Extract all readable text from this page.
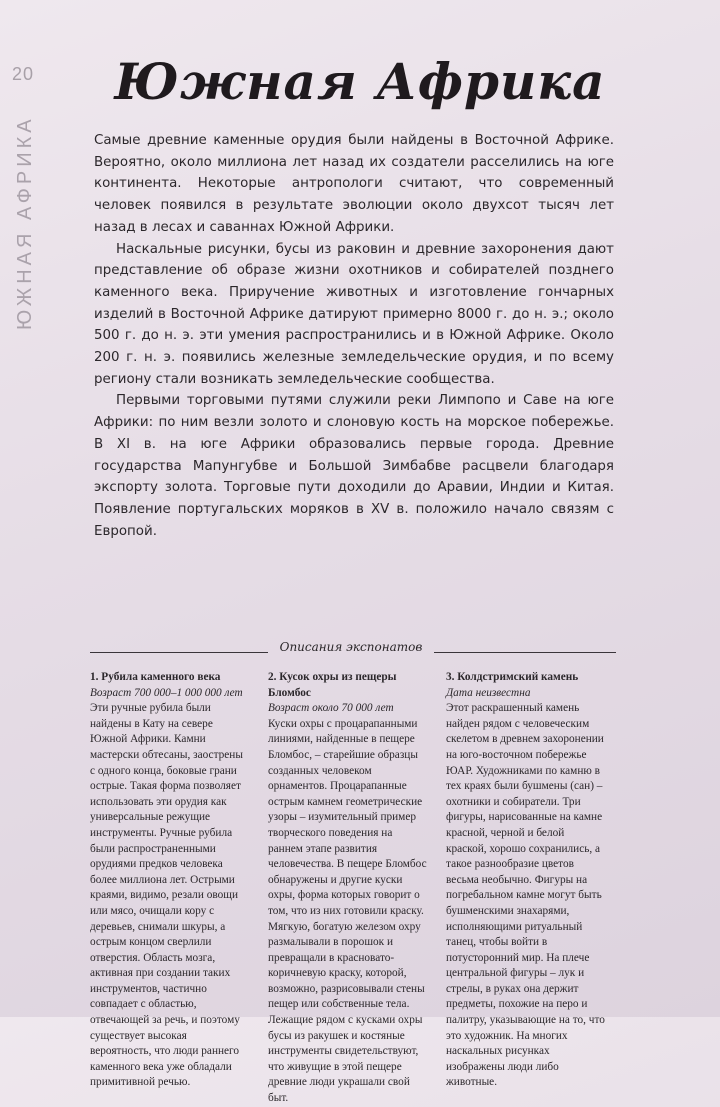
20
ЮЖНАЯ АФРИКА
Южная Африка

Самые древние каменные орудия были найдены в Восточной Африке. Вероятно, около миллиона лет назад их создатели расселились на юге континента. Некоторые антропологи считают, что современный человек появился в результате эволюции около двухсот тысяч лет назад в лесах и саваннах Южной Африки.

Наскальные рисунки, бусы из раковин и древние захоронения дают представление об образе жизни охотников и собирателей позднего каменного века. Приручение животных и изготовление гончарных изделий в Восточной Африке датируют примерно 8000 г. до н. э.; около 500 г. до н. э. эти умения распространились и в Южной Африке. Около 200 г. н. э. появились железные земледельческие орудия, и по всему региону стали возникать земледельческие сообщества.

Первыми торговыми путями служили реки Лимпопо и Саве на юге Африки: по ним везли золото и слоновую кость на морское побережье. В XI в. на юге Африки образовались первые города. Древние государства Мапунгубве и Большой Зимбабве расцвели благодаря экспорту золота. Торговые пути доходили до Аравии, Индии и Китая. Появление португальских моряков в XV в. положило начало связям с Европой.

Описания экспонатов
1. Рубила каменного века
Возраст 700 000–1 000 000 лет
Эти ручные рубила были найдены в Кату на севере Южной Африки. Камни мастерски обтесаны, заострены с одного конца, боковые грани острые. Такая форма позволяет использовать эти орудия как универсальные режущие инструменты. Ручные рубила были распространенными орудиями предков человека более миллиона лет. Острыми краями, видимо, резали овощи или мясо, очищали кору с деревьев, снимали шкуры, а острым концом сверлили отверстия. Область мозга, активная при создании таких инструментов, частично совпадает с областью, отвечающей за речь, и поэтому существует высокая вероятность, что люди раннего каменного века уже обладали примитивной речью.
2. Кусок охры из пещеры Бломбос
Возраст около 70 000 лет
Куски охры с процарапанными линиями, найденные в пещере Бломбос, – старейшие образцы созданных человеком орнаментов. Процарапанные острым камнем геометрические узоры – изумительный пример творческого поведения на раннем этапе развития человечества. В пещере Бломбос обнаружены и другие куски охры, форма которых говорит о том, что из них готовили краску. Мягкую, богатую железом охру размалывали в порошок и превращали в красновато-коричневую краску, которой, возможно, разрисовывали стены пещер или собственные тела. Лежащие рядом с кусками охры бусы из ракушек и костяные инструменты свидетельствуют, что живущие в этой пещере древние люди украшали свой быт.
3. Колдстримский камень
Дата неизвестна
Этот раскрашенный камень найден рядом с человеческим скелетом в древнем захоронении на юго-восточном побережье ЮАР. Художниками по камню в тех краях были бушмены (сан) – охотники и собиратели. Три фигуры, нарисованные на камне красной, черной и белой краской, хорошо сохранились, а такое разнообразие цветов весьма необычно. Фигуры на погребальном камне могут быть бушменскими знахарями, исполняющими ритуальный танец, чтобы войти в потусторонний мир. На плече центральной фигуры – лук и стрелы, в руках она держит предметы, похожие на перо и палитру, указывающие на то, что это художник. На многих наскальных рисунках изображены люди либо животные.
